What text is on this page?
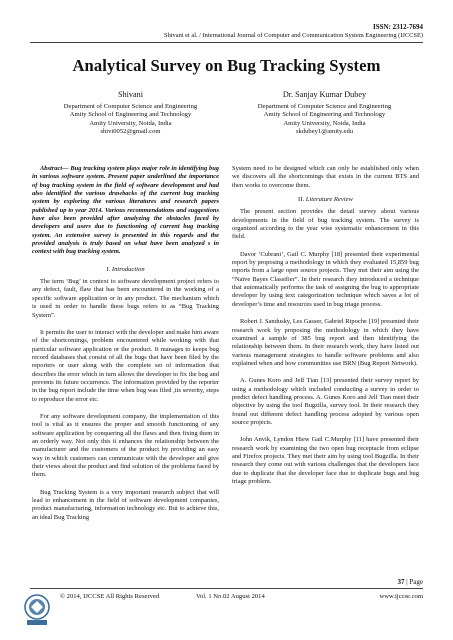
ISSN: 2312-7694
Shivani et al. / International Journal of Computer and Communication System Engineering (IJCCSE)
Analytical Survey on Bug Tracking System
Shivani
Department of Computer Science and Engineering
Amity School of Engineering and Technology
Amity University, Noida, India
shivi0052@gmail.com
Dr. Sanjay Kumar Dubey
Department of Computer Science and Engineering
Amity School of Engineering and Technology
Amity University, Noida, India
skdubey1@amity.edu

Abstract— Bug tracking system plays major role in identifying bug in various software system. Present paper underlined the importance of bug tracking system in the field of software development and had also identified the various drawbacks of the current bug tracking system by exploring the various literatures and research papers published up to year 2014. Various recommendations and suggestions have also been provided after analyzing the obstacles faced by developers and users due to functioning of current bug tracking system. An extensive survey is presented in this regards and the provided analysis is truly based on what have been analyzed s in context with bug tracking system.

I. Introduction

The term ‘Bug’ in context to software development project refers to any defect, fault, flaw that has been encountered in the working of a specific software application or in any product. The mechanism which is used in order to handle these bugs refers to as “Bug Tracking System”.

It permits the user to interact with the developer and make him aware of the shortcomings, problem encountered while working with that particular software application or the product. It manages to keeps bug record databases that consist of all the bugs that have been filed by the reporters or user along with the complete set of information that describes the error which in turn allows the developer to fix the bug and prevents its future occurrence. The information provided by the reporter in the bug report include the time when bug was filed ,its severity, steps to reproduce the error etc.

For any software development company, the implementation of this tool is vital as it ensures the proper and smooth functioning of any software application by conquering all the flaws and then fixing them in an orderly way. Not only this it enhances the relationship between the manufacturer and the customers of the product by providing an easy way in which customers can communicate with the developer and give their views about the product and find solution of the problems faced by them.

Bug Tracking System is a very important research subject that will lead to enhancement in the field of software development companies, product manufacturing, information technology etc. But to achieve this, an ideal Bug Tracking

System need to be designed which can only be established only when we discovers all the shortcomings that exists in the current BTS and then works to overcome them.

II. Literature Review

The present section provides the detail survey about various developments in the field of bug tracking system. The survey is organized according to the year wise systematic enhancement in this field.

Davor ‘Cubrani’, Gail C. Murphy [18] presented their experimental report by proposing a methodology in which they evaluated 15,859 bug reports from a large open source projects. They met their aim using the “Naïve Bayes Classifier”. In their research they introduced a technique that automatically performs the task of assigning the bug to appropriate developer by using text categorization technique which saves a lot of developer’s time and resources used in bug triage process.

Robert J. Sandusky, Les Gasser, Gabriel Ripoche [19] presented their research work by proposing the methodology in which they have examined a sample of 385 bug report and then identifying the relationship between them. In their research work, they have listed out various management strategies to handle software problems and also explained when and how communities use BRN (Bug Report Network).

A. Gunes Koro and Jelf Tian [13] presented their survey report by using a methodology which included conducting a survey in order to predict defect handling process. A. Gunes Koro and Jelf Tian meet their objective by using the tool Bugzilla, survey tool. In their research they found out different defect handling process adopted by various open source projects.

John Anvik, Lyndon Hiew Gail C.Murphy [11] have presented their research work by examining the two open bug receptacle from eclipse and Firefox projects. They met their aim by using tool Bugzilla. In their research they come out with various challenges that the developers face due to duplicate that the developer face due to duplicate bugs and bug triage problem.

37 | Page
© 2014, IJCCSE All Rights Reserved	Vol. 1 No.02 August 2014	www.ijccse.com
